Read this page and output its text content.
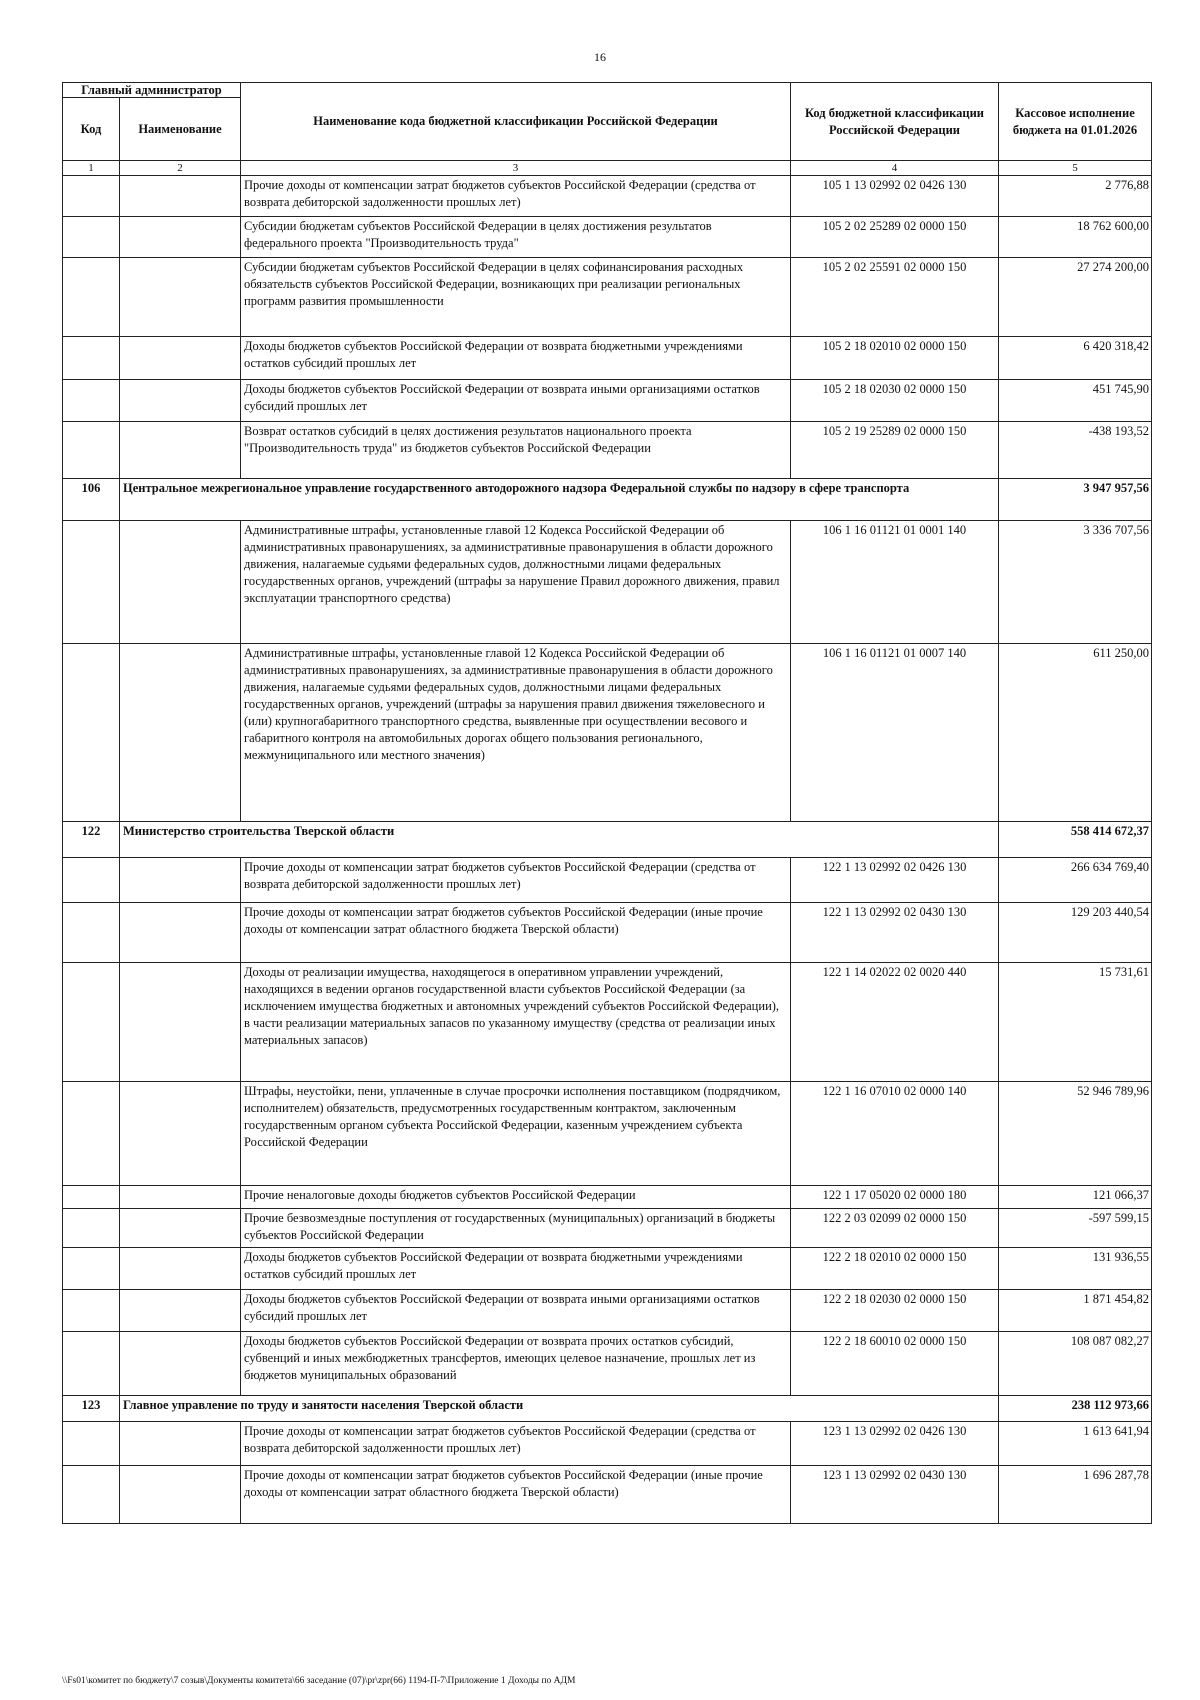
16
Главный администратор		Наименование кода бюджетной классификации Российской Федерации	Код бюджетной классификации Российской Федерации	Кассовое исполнение бюджета на 01.01.2026
Код	Наименование			
1	2	3	4	5
		Прочие доходы от компенсации затрат бюджетов субъектов Российской Федерации (средства от возврата дебиторской задолженности прошлых лет)	105 1 13 02992 02 0426 130	2 776,88
		Субсидии бюджетам субъектов Российской Федерации в целях достижения результатов федерального проекта "Производительность труда"	105 2 02 25289 02 0000 150	18 762 600,00
		Субсидии бюджетам субъектов Российской Федерации в целях софинансирования расходных обязательств субъектов Российской Федерации, возникающих при реализации региональных программ развития промышленности	105 2 02 25591 02 0000 150	27 274 200,00
		Доходы бюджетов субъектов Российской Федерации от возврата бюджетными учреждениями остатков субсидий прошлых лет	105 2 18 02010 02 0000 150	6 420 318,42
		Доходы бюджетов субъектов Российской Федерации от возврата иными организациями остатков субсидий прошлых лет	105 2 18 02030 02 0000 150	451 745,90
		Возврат остатков субсидий в целях достижения результатов национального проекта "Производительность труда" из бюджетов субъектов Российской Федерации	105 2 19 25289 02 0000 150	-438 193,52
106	Центральное межрегиональное управление государственного автодорожного надзора Федеральной службы по надзору в сфере транспорта			3 947 957,56
		Административные штрафы, установленные главой 12 Кодекса Российской Федерации об административных правонарушениях, за административные правонарушения в области дорожного движения, налагаемые судьями федеральных судов, должностными лицами федеральных государственных органов, учреждений (штрафы за нарушение Правил дорожного движения, правил эксплуатации транспортного средства)	106 1 16 01121 01 0001 140	3 336 707,56
		Административные штрафы, установленные главой 12 Кодекса Российской Федерации об административных правонарушениях, за административные правонарушения в области дорожного движения, налагаемые судьями федеральных судов, должностными лицами федеральных государственных органов, учреждений (штрафы за нарушения правил движения тяжеловесного и (или) крупногабаритного транспортного средства, выявленные при осуществлении весового и габаритного контроля на автомобильных дорогах общего пользования регионального, межмуниципального или местного значения)	106 1 16 01121 01 0007 140	611 250,00
122	Министерство строительства Тверской области			558 414 672,37
		Прочие доходы от компенсации затрат бюджетов субъектов Российской Федерации (средства от возврата дебиторской задолженности прошлых лет)	122 1 13 02992 02 0426 130	266 634 769,40
		Прочие доходы от компенсации затрат бюджетов субъектов Российской Федерации (иные прочие доходы от компенсации затрат областного бюджета Тверской области)	122 1 13 02992 02 0430 130	129 203 440,54
		Доходы от реализации имущества, находящегося в оперативном управлении учреждений, находящихся в ведении органов государственной власти субъектов Российской Федерации (за исключением имущества бюджетных и автономных учреждений субъектов Российской Федерации), в части реализации материальных запасов по указанному имуществу (средства от реализации иных материальных запасов)	122 1 14 02022 02 0020 440	15 731,61
		Штрафы, неустойки, пени, уплаченные в случае просрочки исполнения поставщиком (подрядчиком, исполнителем) обязательств, предусмотренных государственным контрактом, заключенным государственным органом субъекта Российской Федерации, казенным учреждением субъекта Российской Федерации	122 1 16 07010 02 0000 140	52 946 789,96
		Прочие неналоговые доходы бюджетов субъектов Российской Федерации	122 1 17 05020 02 0000 180	121 066,37
		Прочие безвозмездные поступления от государственных (муниципальных) организаций в бюджеты субъектов Российской Федерации	122 2 03 02099 02 0000 150	-597 599,15
		Доходы бюджетов субъектов Российской Федерации от возврата бюджетными учреждениями остатков субсидий прошлых лет	122 2 18 02010 02 0000 150	131 936,55
		Доходы бюджетов субъектов Российской Федерации от возврата иными организациями остатков субсидий прошлых лет	122 2 18 02030 02 0000 150	1 871 454,82
		Доходы бюджетов субъектов Российской Федерации от возврата прочих остатков субсидий, субвенций и иных межбюджетных трансфертов, имеющих целевое назначение, прошлых лет из бюджетов муниципальных образований	122 2 18 60010 02 0000 150	108 087 082,27
123	Главное управление по труду и занятости населения Тверской области			238 112 973,66
		Прочие доходы от компенсации затрат бюджетов субъектов Российской Федерации (средства от возврата дебиторской задолженности прошлых лет)	123 1 13 02992 02 0426 130	1 613 641,94
		Прочие доходы от компенсации затрат бюджетов субъектов Российской Федерации (иные прочие доходы от компенсации затрат областного бюджета Тверской области)	123 1 13 02992 02 0430 130	1 696 287,78
\\Fs01\комитет по бюджету\7 созыв\Документы комитета\66 заседание (07)\pr\zpr(66) 1194-П-7\Приложение 1 Доходы по АДМ
